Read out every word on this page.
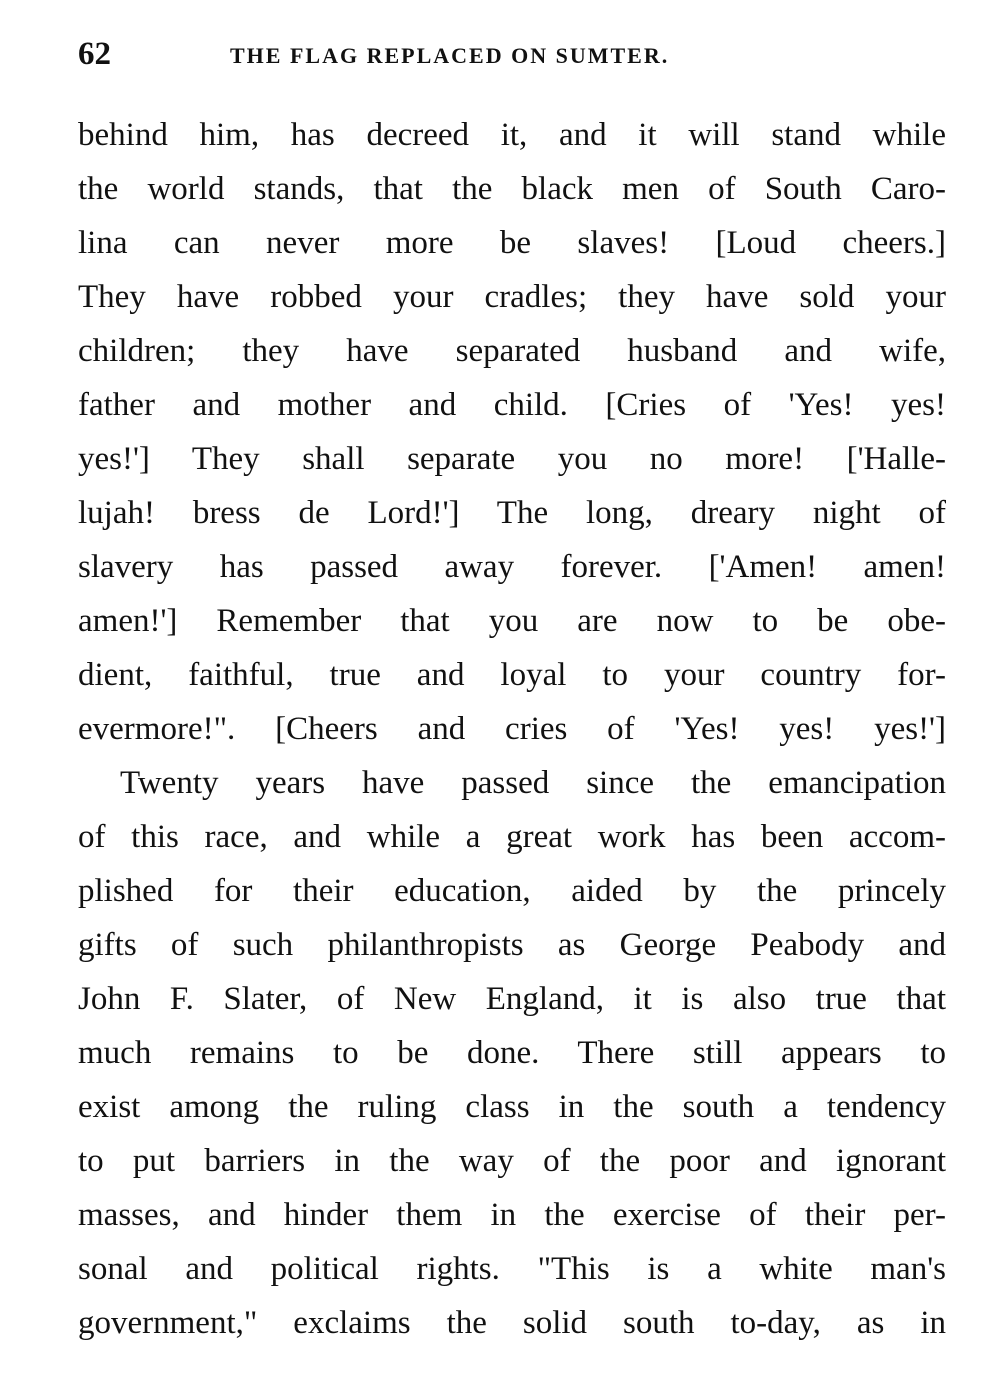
62	THE FLAG REPLACED ON SUMTER.
behind him, has decreed it, and it will stand while
the world stands, that the black men of South Caro-
lina can never more be slaves! [Loud cheers.]
They have robbed your cradles; they have sold your
children; they have separated husband and wife,
father and mother and child. [Cries of 'Yes! yes!
yes!'] They shall separate you no more! ['Halle-
lujah! bress de Lord!'] The long, dreary night of
slavery has passed away forever. ['Amen! amen!
amen!'] Remember that you are now to be obe-
dient, faithful, true and loyal to your country for-
evermore!". [Cheers and cries of 'Yes! yes! yes!']
Twenty years have passed since the emancipation
of this race, and while a great work has been accom-
plished for their education, aided by the princely
gifts of such philanthropists as George Peabody and
John F. Slater, of New England, it is also true that
much remains to be done. There still appears to
exist among the ruling class in the south a tendency
to put barriers in the way of the poor and ignorant
masses, and hinder them in the exercise of their per-
sonal and political rights. "This is a white man's
government," exclaims the solid south to-day, as in
